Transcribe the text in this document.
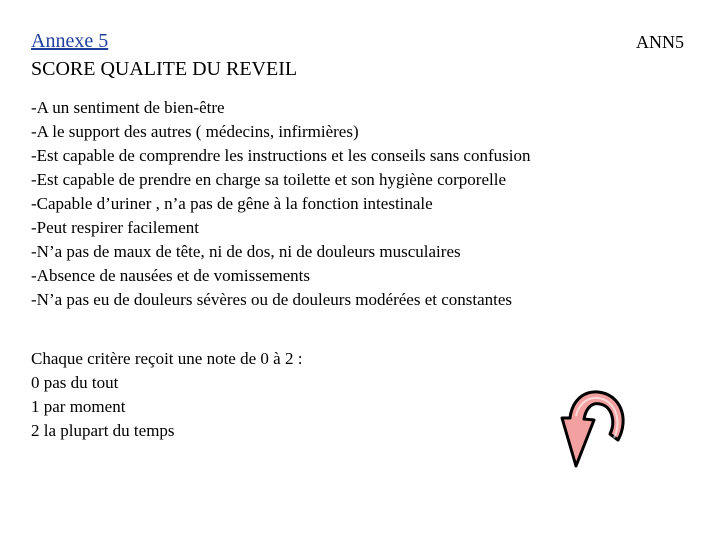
Annexe 5
SCORE QUALITE DU REVEIL
ANN5
-A un sentiment de bien-être
-A le support des autres ( médecins, infirmières)
-Est capable de comprendre les instructions et les conseils sans confusion
-Est capable de prendre en charge sa toilette et son hygiène corporelle
-Capable d’uriner , n’a pas de gêne à la fonction intestinale
-Peut respirer facilement
-N’a pas de maux de tête, ni de dos, ni de douleurs musculaires
-Absence de nausées et de vomissements
-N’a pas eu de douleurs sévères ou de douleurs modérées et constantes
Chaque critère reçoit une note de 0 à 2 :
0 pas du tout
1 par moment
2 la plupart du temps
